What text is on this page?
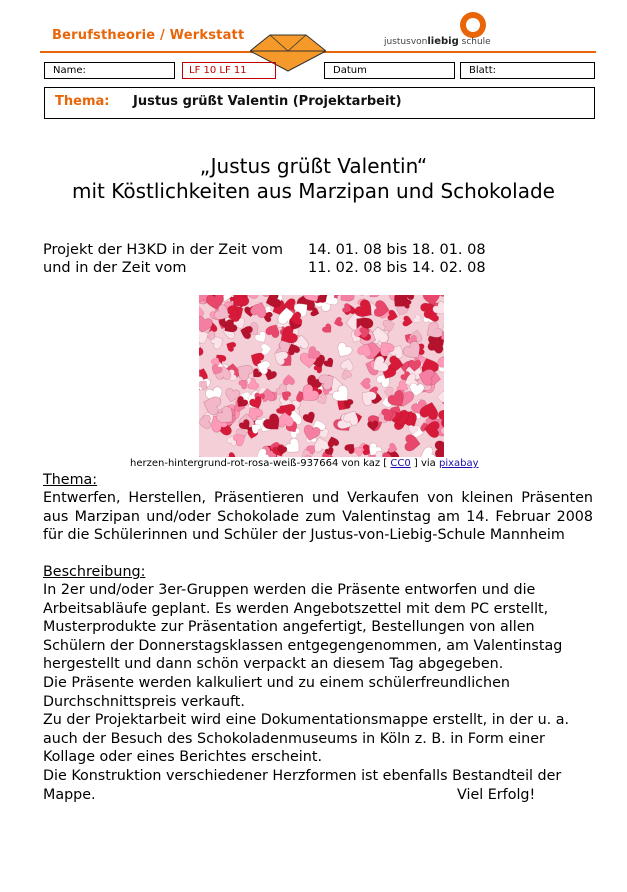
Berufstheorie / Werkstatt	justusvonliebig schule
Name:	LF 10 LF 11	Datum	Blatt:
Thema: Justus grüßt Valentin (Projektarbeit)
„Justus grüßt Valentin“
mit Köstlichkeiten aus Marzipan und Schokolade
Projekt der H3KD in der Zeit vom 14. 01. 08 bis 18. 01. 08
und in der Zeit vom	11. 02. 08 bis 14. 02. 08
herzen-hintergrund-rot-rosa-weiß-937664 von kaz [ CC0 ] via pixabay
Thema:
Entwerfen, Herstellen, Präsentieren und Verkaufen von kleinen Präsenten aus Marzipan und/oder Schokolade zum Valentinstag am 14. Februar 2008 für die Schülerinnen und Schüler der Justus-von-Liebig-Schule Mannheim
Beschreibung:
In 2er und/oder 3er-Gruppen werden die Präsente entworfen und die
Arbeitsabläufe geplant. Es werden Angebotszettel mit dem PC erstellt,
Musterprodukte zur Präsentation angefertigt, Bestellungen von allen
Schülern der Donnerstagsklassen entgegengenommen, am Valentinstag
hergestellt und dann schön verpackt an diesem Tag abgegeben.
Die Präsente werden kalkuliert und zu einem schülerfreundlichen
Durchschnittspreis verkauft.
Zu der Projektarbeit wird eine Dokumentationsmappe erstellt, in der u. a.
auch der Besuch des Schokoladenmuseums in Köln z. B. in Form einer
Kollage oder eines Berichtes erscheint.
Die Konstruktion verschiedener Herzformen ist ebenfalls Bestandteil der
Mappe.	Viel Erfolg!
